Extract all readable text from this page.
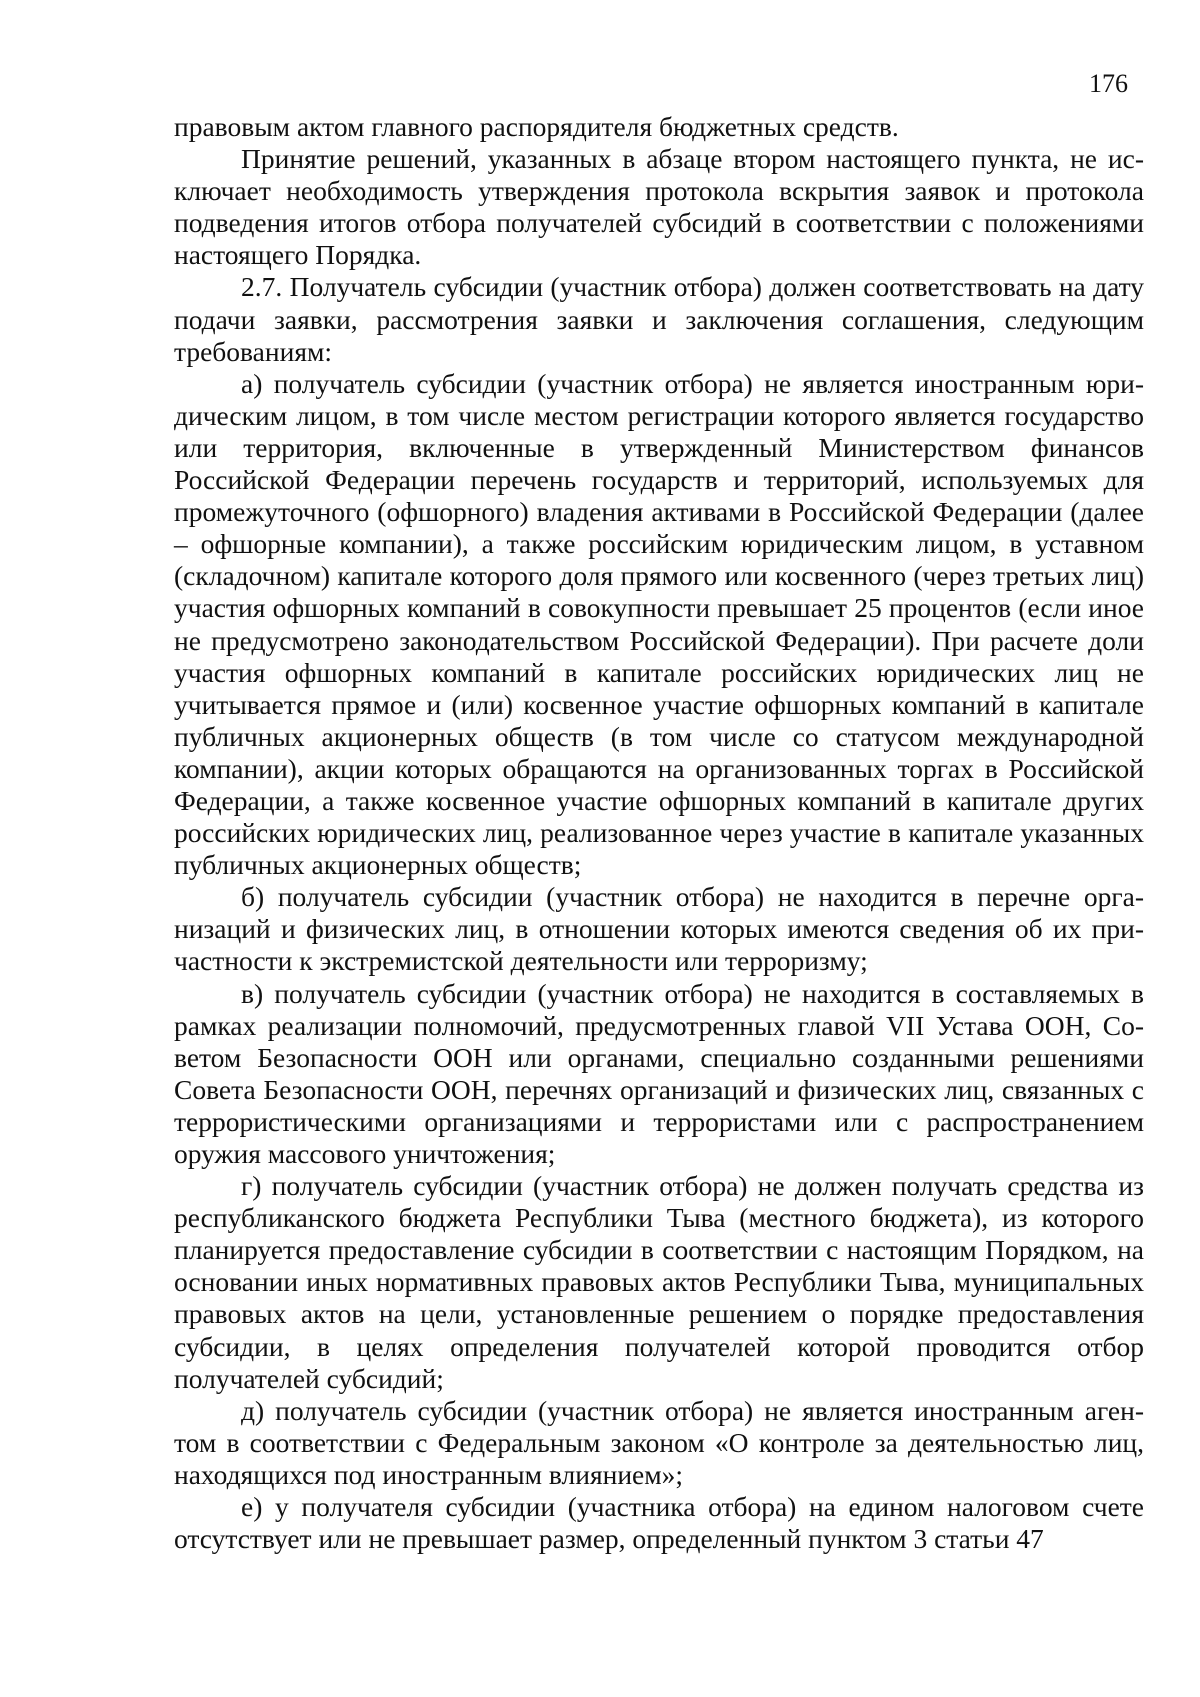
176

правовым актом главного распорядителя бюджетных средств.

Принятие решений, указанных в абзаце втором настоящего пункта, не исключает необходимость утверждения протокола вскрытия заявок и протокола подведения итогов отбора получателей субсидий в соответствии с положениями настоящего Порядка.

2.7. Получатель субсидии (участник отбора) должен соответствовать на дату подачи заявки, рассмотрения заявки и заключения соглашения, следующим требованиям:

а) получатель субсидии (участник отбора) не является иностранным юридическим лицом, в том числе местом регистрации которого является государство или территория, включенные в утвержденный Министерством финансов Российской Федерации перечень государств и территорий, используемых для промежуточного (офшорного) владения активами в Российской Федерации (далее – офшорные компании), а также российским юридическим лицом, в уставном (складочном) капитале которого доля прямого или косвенного (через третьих лиц) участия офшорных компаний в совокупности превышает 25 процентов (если иное не предусмотрено законодательством Российской Федерации). При расчете доли участия офшорных компаний в капитале российских юридических лиц не учитывается прямое и (или) косвенное участие офшорных компаний в капитале публичных акционерных обществ (в том числе со статусом международной компании), акции которых обращаются на организованных торгах в Российской Федерации, а также косвенное участие офшорных компаний в капитале других российских юридических лиц, реализованное через участие в капитале указанных публичных акционерных обществ;

б) получатель субсидии (участник отбора) не находится в перечне организаций и физических лиц, в отношении которых имеются сведения об их причастности к экстремистской деятельности или терроризму;

в) получатель субсидии (участник отбора) не находится в составляемых в рамках реализации полномочий, предусмотренных главой VII Устава ООН, Советом Безопасности ООН или органами, специально созданными решениями Совета Безопасности ООН, перечнях организаций и физических лиц, связанных с террористическими организациями и террористами или с распространением оружия массового уничтожения;

г) получатель субсидии (участник отбора) не должен получать средства из республиканского бюджета Республики Тыва (местного бюджета), из которого планируется предоставление субсидии в соответствии с настоящим Порядком, на основании иных нормативных правовых актов Республики Тыва, муниципальных правовых актов на цели, установленные решением о порядке предоставления субсидии, в целях определения получателей которой проводится отбор получателей субсидий;

д) получатель субсидии (участник отбора) не является иностранным агентом в соответствии с Федеральным законом «О контроле за деятельностью лиц, находящихся под иностранным влиянием»;

е) у получателя субсидии (участника отбора) на едином налоговом счете отсутствует или не превышает размер, определенный пунктом 3 статьи 47
